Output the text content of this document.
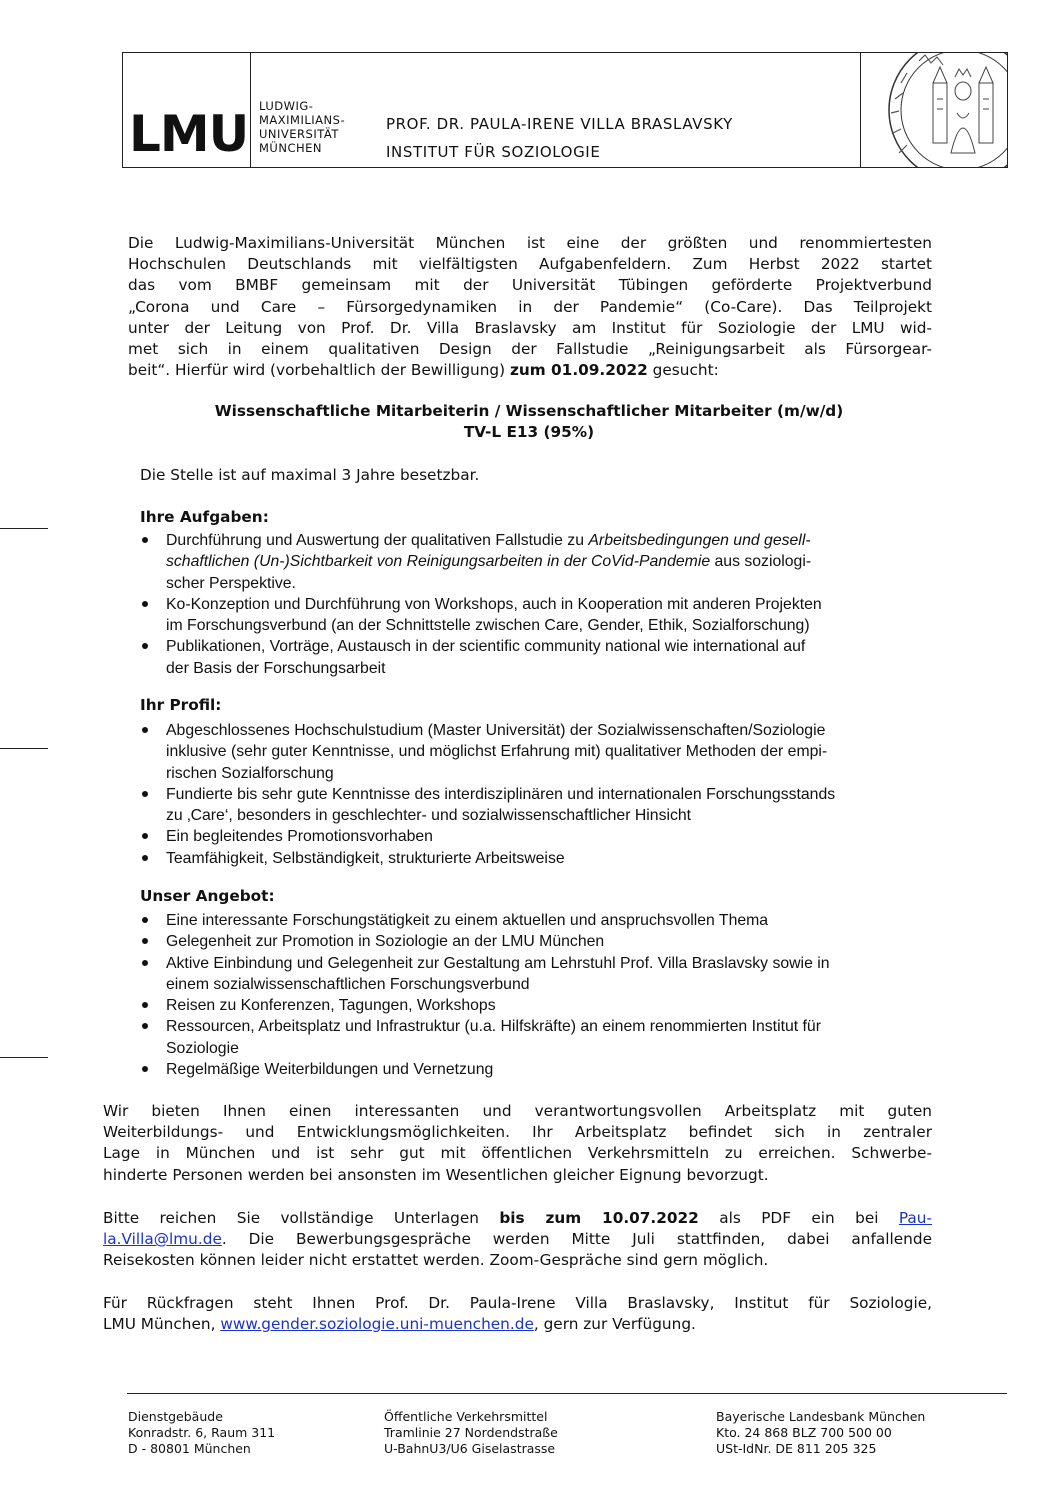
LMU LUDWIG-
MAXIMILIANS-
UNIVERSITÄT
MÜNCHEN
PROF. DR. PAULA-IRENE VILLA BRASLAVSKY
INSTITUT FÜR SOZIOLOGIE
Die Ludwig-Maximilians-Universität München ist eine der größten und renommiertesten
Hochschulen Deutschlands mit vielfältigsten Aufgabenfeldern. Zum Herbst 2022 startet
das vom BMBF gemeinsam mit der Universität Tübingen geförderte Projektverbund
„Corona und Care – Fürsorgedynamiken in der Pandemie“ (Co-Care). Das Teilprojekt
unter der Leitung von Prof. Dr. Villa Braslavsky am Institut für Soziologie der LMU wid-
met sich in einem qualitativen Design der Fallstudie „Reinigungsarbeit als Fürsorgear-
beit“. Hierfür wird (vorbehaltlich der Bewilligung) zum 01.09.2022 gesucht:
Wissenschaftliche Mitarbeiterin / Wissenschaftlicher Mitarbeiter (m/w/d)
TV-L E13 (95%)
Die Stelle ist auf maximal 3 Jahre besetzbar.
Ihre Aufgaben:
Durchführung und Auswertung der qualitativen Fallstudie zu Arbeitsbedingungen und gesell-
schaftlichen (Un-)Sichtbarkeit von Reinigungsarbeiten in der CoVid-Pandemie aus soziologi-
scher Perspektive.
Ko-Konzeption und Durchführung von Workshops, auch in Kooperation mit anderen Projekten
im Forschungsverbund (an der Schnittstelle zwischen Care, Gender, Ethik, Sozialforschung)
Publikationen, Vorträge, Austausch in der scientific community national wie international auf
der Basis der Forschungsarbeit
Ihr Profil:
Abgeschlossenes Hochschulstudium (Master Universität) der Sozialwissenschaften/Soziologie
inklusive (sehr guter Kenntnisse, und möglichst Erfahrung mit) qualitativer Methoden der empi-
rischen Sozialforschung
Fundierte bis sehr gute Kenntnisse des interdisziplinären und internationalen Forschungsstands
zu ‚Care‘, besonders in geschlechter- und sozialwissenschaftlicher Hinsicht
Ein begleitendes Promotionsvorhaben
Teamfähigkeit, Selbständigkeit, strukturierte Arbeitsweise
Unser Angebot:
Eine interessante Forschungstätigkeit zu einem aktuellen und anspruchsvollen Thema
Gelegenheit zur Promotion in Soziologie an der LMU München
Aktive Einbindung und Gelegenheit zur Gestaltung am Lehrstuhl Prof. Villa Braslavsky sowie in
einem sozialwissenschaftlichen Forschungsverbund
Reisen zu Konferenzen, Tagungen, Workshops
Ressourcen, Arbeitsplatz und Infrastruktur (u.a. Hilfskräfte) an einem renommierten Institut für
Soziologie
Regelmäßige Weiterbildungen und Vernetzung
Wir bieten Ihnen einen interessanten und verantwortungsvollen Arbeitsplatz mit guten
Weiterbildungs- und Entwicklungsmöglichkeiten. Ihr Arbeitsplatz befindet sich in zentraler
Lage in München und ist sehr gut mit öffentlichen Verkehrsmitteln zu erreichen. Schwerbe-
hinderte Personen werden bei ansonsten im Wesentlichen gleicher Eignung bevorzugt.
Bitte reichen Sie vollständige Unterlagen bis zum 10.07.2022 als PDF ein bei Pau-
la.Villa@lmu.de. Die Bewerbungsgespräche werden Mitte Juli stattfinden, dabei anfallende
Reisekosten können leider nicht erstattet werden. Zoom-Gespräche sind gern möglich.
Für Rückfragen steht Ihnen Prof. Dr. Paula-Irene Villa Braslavsky, Institut für Soziologie,
LMU München, www.gender.soziologie.uni-muenchen.de, gern zur Verfügung.
Dienstgebäude
Konradstr. 6, Raum 311
D - 80801 München
Öffentliche Verkehrsmittel
Tramlinie 27 Nordendstraße
U-BahnU3/U6 Giselastrasse
Bayerische Landesbank München
Kto. 24 868 BLZ 700 500 00
USt-IdNr. DE 811 205 325
